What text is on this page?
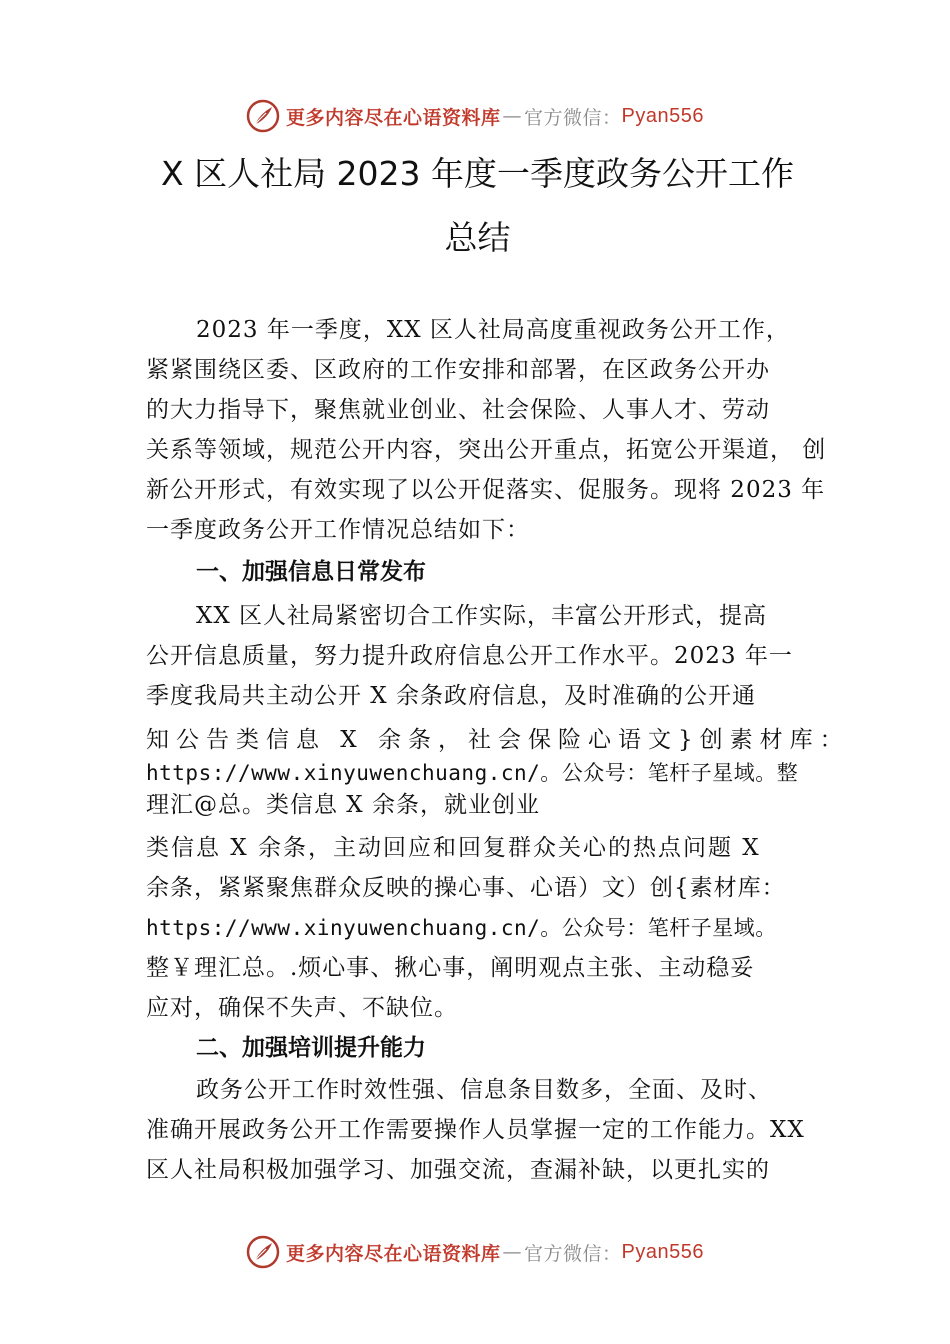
更多内容尽在心语资料库 — 官方微信： Pyan556
X 区人社局 2023 年度一季度政务公开工作
总结
2023 年一季度，XX 区人社局高度重视政务公开工作，
紧紧围绕区委、区政府的工作安排和部署，在区政务公开办
的大力指导下，聚焦就业创业、社会保险、人事人才、劳动
关系等领域，规范公开内容，突出公开重点，拓宽公开渠道， 创
新公开形式，有效实现了以公开促落实、促服务。现将 2023 年
一季度政务公开工作情况总结如下：
一、加强信息日常发布
XX 区人社局紧密切合工作实际，丰富公开形式，提高
公开信息质量，努力提升政府信息公开工作水平。2023 年一
季度我局共主动公开 X 余条政府信息，及时准确的公开通
知公告类信息 X 余条，社会保险心语文}创素材库：
https://www.xinyuwenchuang.cn/。公众号：笔杆子星域。整
理汇@总。类信息 X 余条，就业创业
类信息 X 余条，主动回应和回复群众关心的热点问题 X
余条，紧紧聚焦群众反映的操心事、心语）文）创{素材库：
https://www.xinyuwenchuang.cn/。公众号：笔杆子星域。
整￥理汇总。.烦心事、揪心事，阐明观点主张、主动稳妥
应对，确保不失声、不缺位。
二、加强培训提升能力
政务公开工作时效性强、信息条目数多，全面、及时、
准确开展政务公开工作需要操作人员掌握一定的工作能力。XX
区人社局积极加强学习、加强交流，查漏补缺，以更扎实的
更多内容尽在心语资料库 — 官方微信： Pyan556
